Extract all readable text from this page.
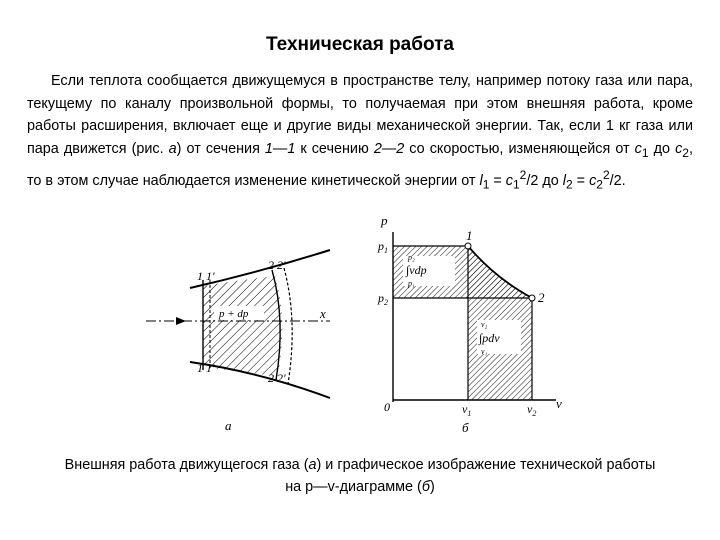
Техническая работа
Если теплота сообщается движущемуся в пространстве телу, например потоку газа или пара, текущему по каналу произвольной формы, то получаемая при этом внешняя работа, кроме работы расширения, включает еще и другие виды механической энергии. Так, если 1 кг газа или пара движется (рис. а) от сечения 1—1 к сечению 2—2 со скоростью, изменяющейся от $c_1$ до $c_2$, то в этом случае наблюдается изменение кинетической энергии от $l_1 = c_1^2/2$ до $l_2 = c_2^2/2$.
1 1'
2 2'
x
p + dp
1 1'
2 2'
а
p
v
$p_1$
$p_2$
$v_1$	$v_2$
0
1
2
p₂
∫vdp
p₁
v₂
∫pdv
v₁
б
Внешняя работа движущегося газа (а) и графическое изображение технической работы на p—v-диаграмме (б)
